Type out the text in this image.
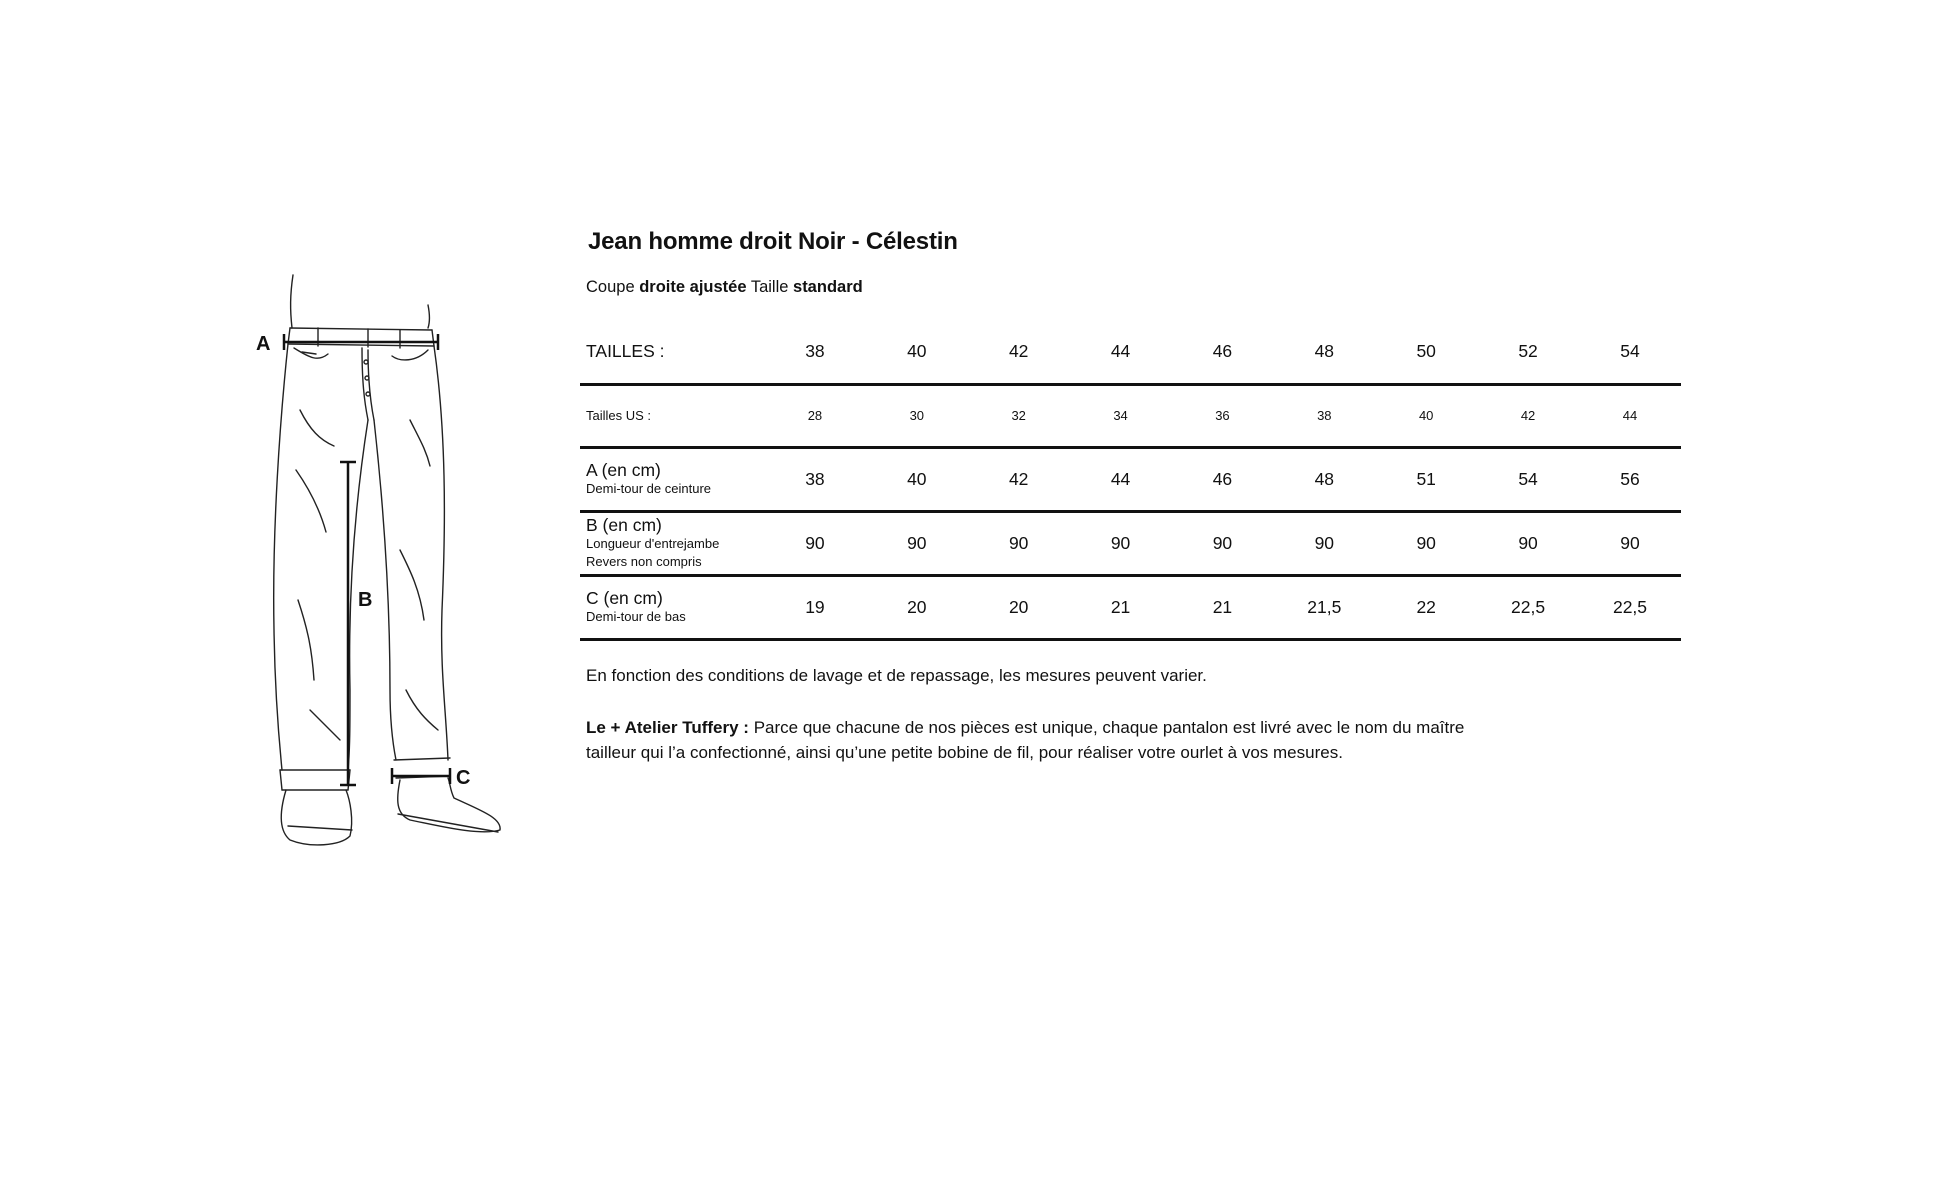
A
B
C
Jean homme droit Noir - Célestin
Coupe droite ajustée Taille standard
TAILLES :	38	40	42	44	46	48	50	52	54

Tailles US :	28	30	32	34	36	38	40	42	44

A (en cm)
Demi-tour de ceinture	38	40	42	44	46	48	51	54	56

B (en cm)
Longueur d'entrejambe
Revers non compris	90	90	90	90	90	90	90	90	90

C (en cm)
Demi-tour de bas	19	20	20	21	21	21,5	22	22,5	22,5
En fonction des conditions de lavage et de repassage, les mesures peuvent varier.
Le + Atelier Tuffery : Parce que chacune de nos pièces est unique, chaque pantalon est livré avec le nom du maître
tailleur qui l’a confectionné, ainsi qu’une petite bobine de fil, pour réaliser votre ourlet à vos mesures.
